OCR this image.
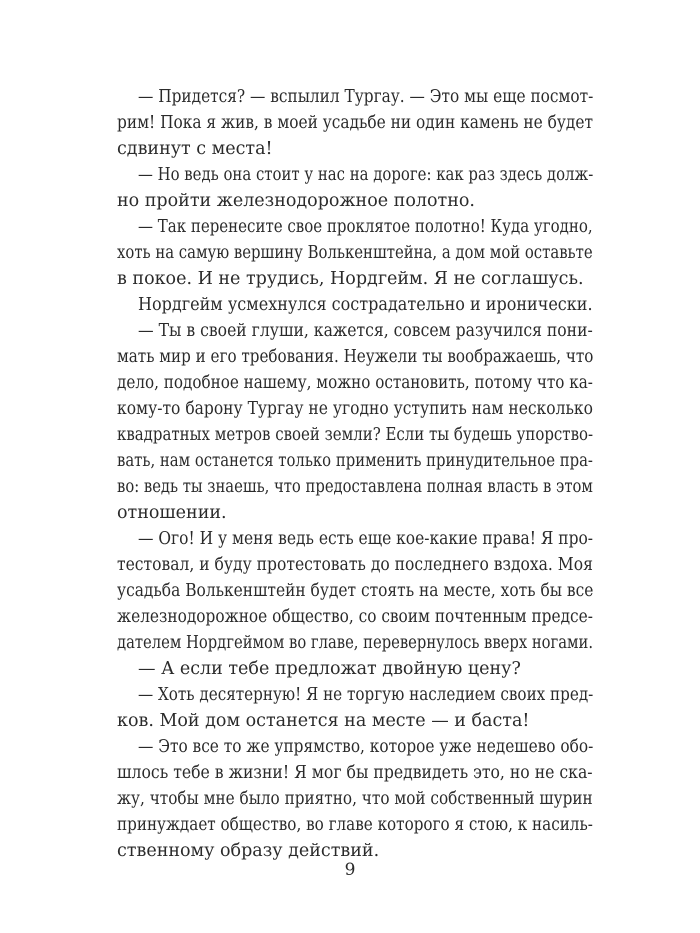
— Придется? — вспылил Тургау. — Это мы еще посмот-
рим! Пока я жив, в моей усадьбе ни один камень не будет
сдвинут с места!
— Но ведь она стоит у нас на дороге: как раз здесь долж-
но пройти железнодорожное полотно.
— Так перенесите свое проклятое полотно! Куда угодно,
хоть на самую вершину Волькенштейна, а дом мой оставьте
в покое. И не трудись, Нордгейм. Я не соглашусь.
Нордгейм усмехнулся сострадательно и иронически.
— Ты в своей глуши, кажется, совсем разучился пони-
мать мир и его требования. Неужели ты воображаешь, что
дело, подобное нашему, можно остановить, потому что ка-
кому-то барону Тургау не угодно уступить нам несколько
квадратных метров своей земли? Если ты будешь упорство-
вать, нам останется только применить принудительное пра-
во: ведь ты знаешь, что предоставлена полная власть в этом
отношении.
— Ого! И у меня ведь есть еще кое-какие права! Я про-
тестовал, и буду протестовать до последнего вздоха. Моя
усадьба Волькенштейн будет стоять на месте, хоть бы все
железнодорожное общество, со своим почтенным предсе-
дателем Нордгеймом во главе, перевернулось вверх ногами.
— А если тебе предложат двойную цену?
— Хоть десятерную! Я не торгую наследием своих пред-
ков. Мой дом останется на месте — и баста!
— Это все то же упрямство, которое уже недешево обо-
шлось тебе в жизни! Я мог бы предвидеть это, но не ска-
жу, чтобы мне было приятно, что мой собственный шурин
принуждает общество, во главе которого я стою, к насиль-
ственному образу действий.
9
